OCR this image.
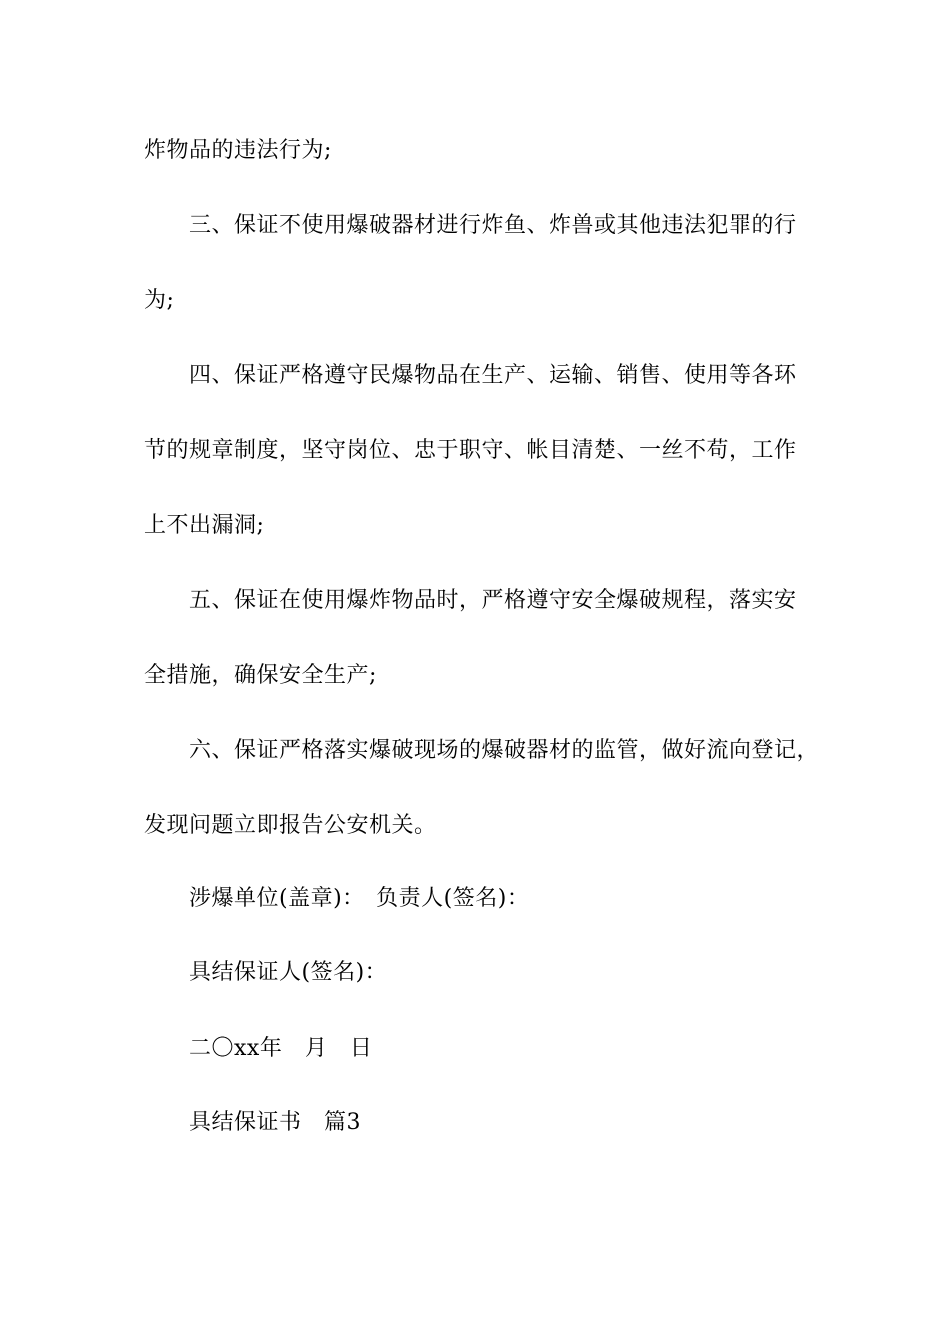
炸物品的违法行为;
三、保证不使用爆破器材进行炸鱼、炸兽或其他违法犯罪的行
为;
四、保证严格遵守民爆物品在生产、运输、销售、使用等各环
节的规章制度，坚守岗位、忠于职守、帐目清楚、一丝不苟，工作
上不出漏洞;
五、保证在使用爆炸物品时，严格遵守安全爆破规程，落实安
全措施，确保安全生产;
六、保证严格落实爆破现场的爆破器材的监管，做好流向登记，
发现问题立即报告公安机关。
涉爆单位(盖章)：　负责人(签名)：
具结保证人(签名)：
二〇xx年　月　日
具结保证书　篇3
